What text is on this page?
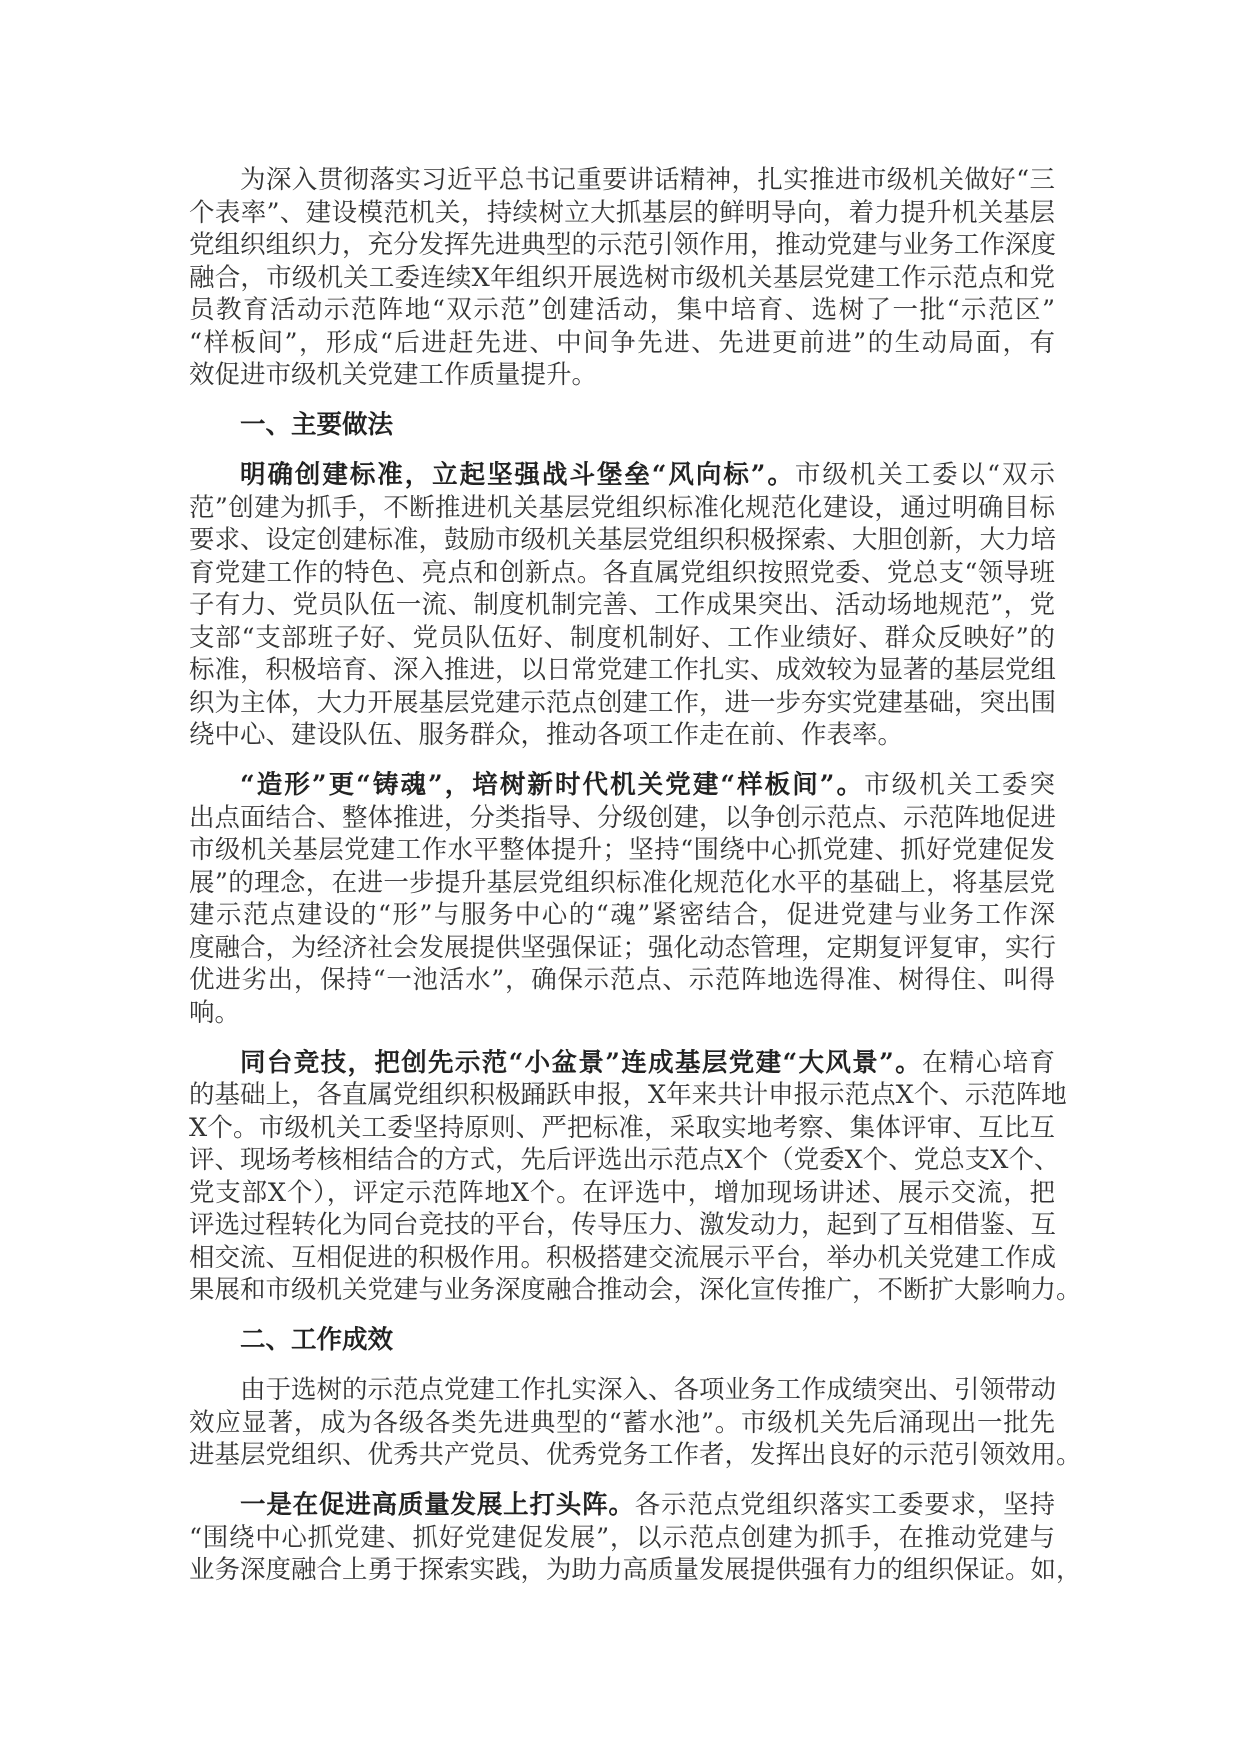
为深入贯彻落实习近平总书记重要讲话精神，扎实推进市级机关做好“三
个表率”、建设模范机关，持续树立大抓基层的鲜明导向，着力提升机关基层
党组织组织力，充分发挥先进典型的示范引领作用，推动党建与业务工作深度
融合，市级机关工委连续X年组织开展选树市级机关基层党建工作示范点和党
员教育活动示范阵地“双示范”创建活动，集中培育、选树了一批“示范区”
“样板间”，形成“后进赶先进、中间争先进、先进更前进”的生动局面，有
效促进市级机关党建工作质量提升。
一、主要做法
明确创建标准，立起坚强战斗堡垒“风向标”。市级机关工委以“双示
范”创建为抓手，不断推进机关基层党组织标准化规范化建设，通过明确目标
要求、设定创建标准，鼓励市级机关基层党组织积极探索、大胆创新，大力培
育党建工作的特色、亮点和创新点。各直属党组织按照党委、党总支“领导班
子有力、党员队伍一流、制度机制完善、工作成果突出、活动场地规范”，党
支部“支部班子好、党员队伍好、制度机制好、工作业绩好、群众反映好”的
标准，积极培育、深入推进，以日常党建工作扎实、成效较为显著的基层党组
织为主体，大力开展基层党建示范点创建工作，进一步夯实党建基础，突出围
绕中心、建设队伍、服务群众，推动各项工作走在前、作表率。
“造形”更“铸魂”，培树新时代机关党建“样板间”。市级机关工委突
出点面结合、整体推进，分类指导、分级创建，以争创示范点、示范阵地促进
市级机关基层党建工作水平整体提升；坚持“围绕中心抓党建、抓好党建促发
展”的理念，在进一步提升基层党组织标准化规范化水平的基础上，将基层党
建示范点建设的“形”与服务中心的“魂”紧密结合，促进党建与业务工作深
度融合，为经济社会发展提供坚强保证；强化动态管理，定期复评复审，实行
优进劣出，保持“一池活水”，确保示范点、示范阵地选得准、树得住、叫得
响。
同台竞技，把创先示范“小盆景”连成基层党建“大风景”。在精心培育
的基础上，各直属党组织积极踊跃申报，X年来共计申报示范点X个、示范阵地
X个。市级机关工委坚持原则、严把标准，采取实地考察、集体评审、互比互
评、现场考核相结合的方式，先后评选出示范点X个（党委X个、党总支X个、
党支部X个），评定示范阵地X个。在评选中，增加现场讲述、展示交流，把
评选过程转化为同台竞技的平台，传导压力、激发动力，起到了互相借鉴、互
相交流、互相促进的积极作用。积极搭建交流展示平台，举办机关党建工作成
果展和市级机关党建与业务深度融合推动会，深化宣传推广，不断扩大影响力。
二、工作成效
由于选树的示范点党建工作扎实深入、各项业务工作成绩突出、引领带动
效应显著，成为各级各类先进典型的“蓄水池”。市级机关先后涌现出一批先
进基层党组织、优秀共产党员、优秀党务工作者，发挥出良好的示范引领效用。
一是在促进高质量发展上打头阵。各示范点党组织落实工委要求，坚持
“围绕中心抓党建、抓好党建促发展”，以示范点创建为抓手，在推动党建与
业务深度融合上勇于探索实践，为助力高质量发展提供强有力的组织保证。如，
